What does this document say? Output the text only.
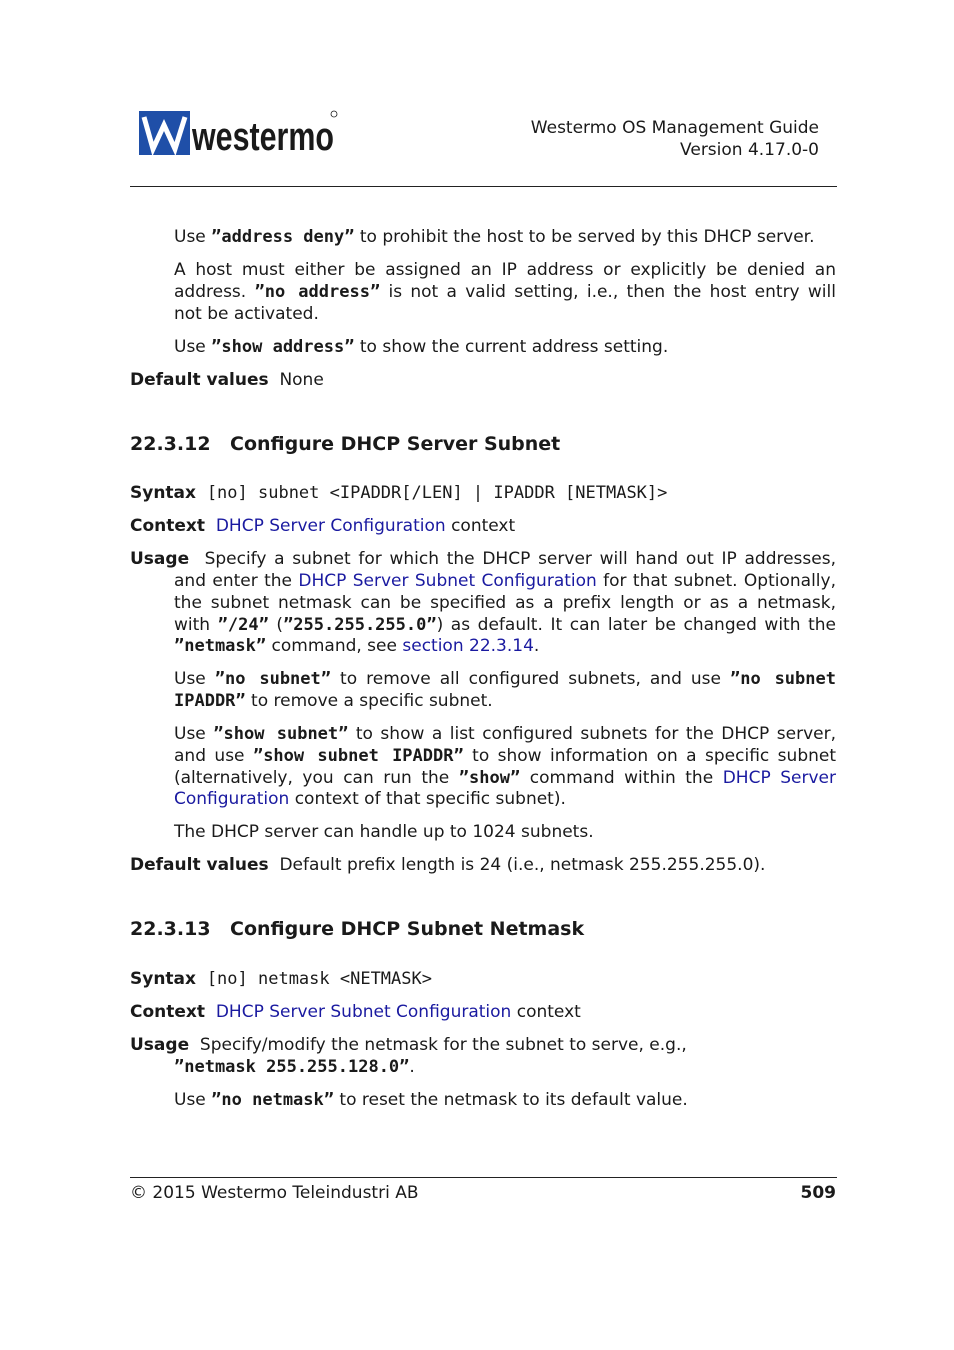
westermo	Westermo OS Management Guide
Version 4.17.0-0
Use ”address deny” to prohibit the host to be served by this DHCP server.
A host must either be assigned an IP address or explicitly be denied an
address. ”no address” is not a valid setting, i.e., then the host entry will
not be activated.
Use ”show address” to show the current address setting.
Default values None
22.3.12 Configure DHCP Server Subnet
Syntax [no] subnet <IPADDR[/LEN] | IPADDR [NETMASK]>
Context DHCP Server Configuration context
Usage Specify a subnet for which the DHCP server will hand out IP addresses,
and enter the DHCP Server Subnet Configuration for that subnet. Optionally,
the subnet netmask can be specified as a prefix length or as a netmask,
with ”/24” (”255.255.255.0”) as default. It can later be changed with the
”netmask” command, see section 22.3.14.
Use ”no subnet” to remove all configured subnets, and use ”no subnet
IPADDR” to remove a specific subnet.
Use ”show subnet” to show a list configured subnets for the DHCP server,
and use ”show subnet IPADDR” to show information on a specific subnet
(alternatively, you can run the ”show” command within the DHCP Server
Configuration context of that specific subnet).
The DHCP server can handle up to 1024 subnets.
Default values Default prefix length is 24 (i.e., netmask 255.255.255.0).
22.3.13 Configure DHCP Subnet Netmask
Syntax [no] netmask <NETMASK>
Context DHCP Server Subnet Configuration context
Usage Specify/modify the netmask for the subnet to serve, e.g.,
”netmask 255.255.128.0”.
Use ”no netmask” to reset the netmask to its default value.
© 2015 Westermo Teleindustri AB	509
